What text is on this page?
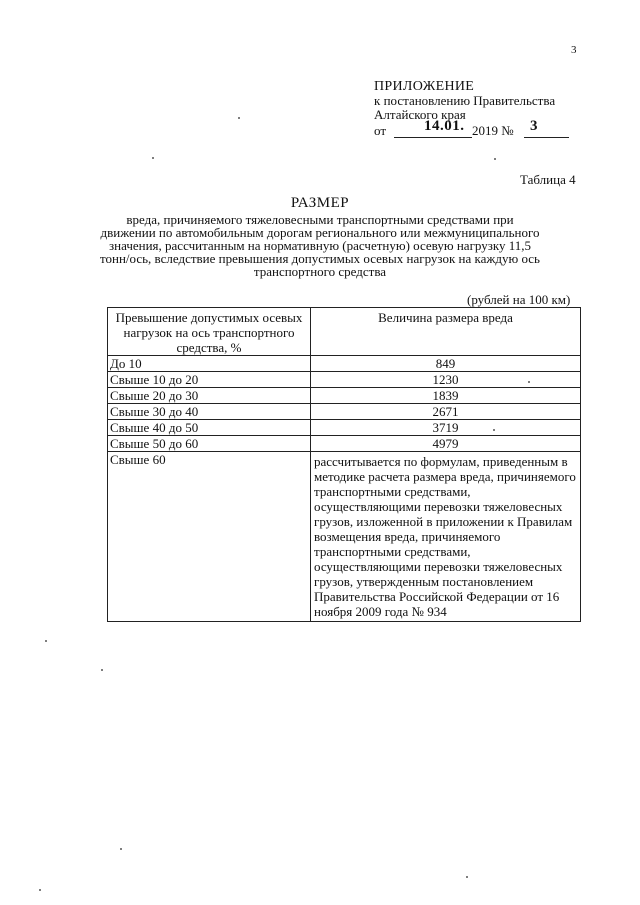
3
ПРИЛОЖЕНИЕ
к постановлению Правительства
Алтайского края
от	14.01. 2019 № 3
Таблица 4
РАЗМЕР
вреда, причиняемого тяжеловесными транспортными средствами при движении по автомобильным дорогам регионального или межмуниципального значения, рассчитанным на нормативную (расчетную) осевую нагрузку 11,5 тонн/ось, вследствие превышения допустимых осевых нагрузок на каждую ось транспортного средства
(рублей на 100 км)
Превышение допустимых осевых нагрузок на ось транспортного средства, %	Величина размера вреда
До 10	849
Свыше 10 до 20	1230
Свыше 20 до 30	1839
Свыше 30 до 40	2671
Свыше 40 до 50	3719
Свыше 50 до 60	4979
Свыше 60	рассчитывается по формулам, приведенным в методике расчета размера вреда, причиняемого транспортными средствами, осуществляющими перевозки тяжеловесных грузов, изложенной в приложении к Правилам возмещения вреда, причиняемого транспортными средствами, осуществляющими перевозки тяжеловесных грузов, утвержденным постановлением Правительства Российской Федерации от 16 ноября 2009 года № 934
